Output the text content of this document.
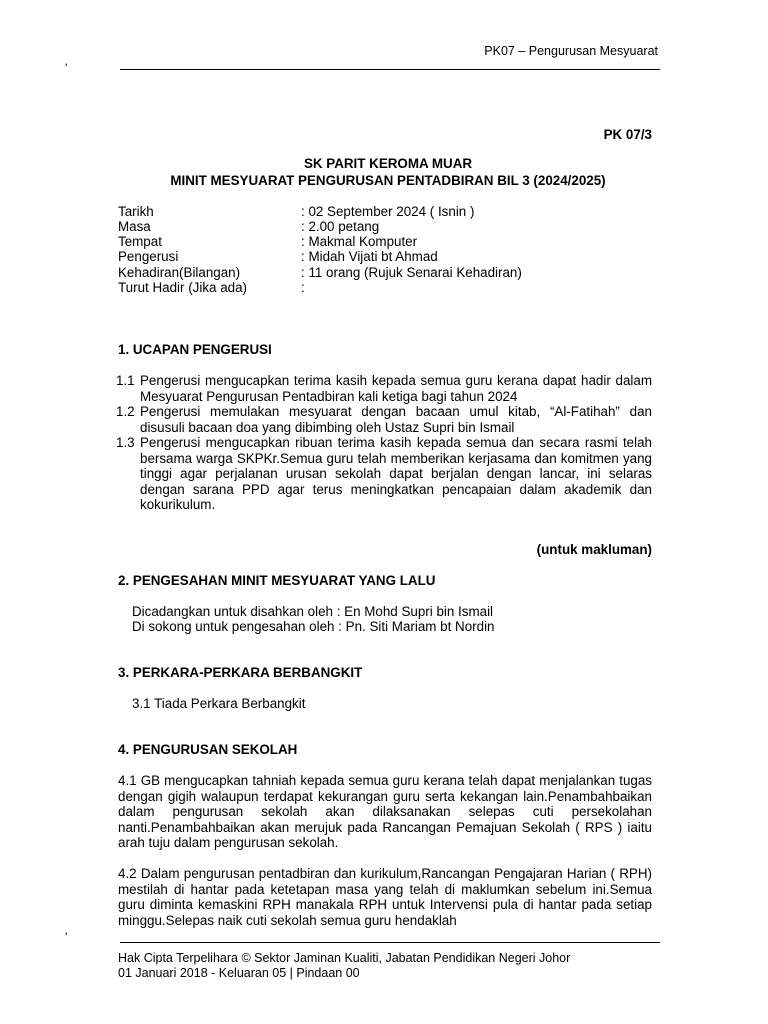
PK07 – Pengurusan Mesyuarat
'
PK 07/3
SK PARIT KEROMA MUAR
MINIT MESYUARAT PENGURUSAN PENTADBIRAN BIL 3 (2024/2025)
Tarikh	: 02 September 2024 ( Isnin )
Masa	: 2.00 petang
Tempat	: Makmal Komputer
Pengerusi	: Midah Vijati bt Ahmad
Kehadiran(Bilangan)	: 11 orang (Rujuk Senarai Kehadiran)
Turut Hadir (Jika ada)	:
1. UCAPAN PENGERUSI
1.1 Pengerusi mengucapkan terima kasih kepada semua guru kerana dapat hadir dalam Mesyuarat Pengurusan Pentadbiran kali ketiga bagi tahun 2024
1.2 Pengerusi memulakan mesyuarat dengan bacaan umul kitab, “Al-Fatihah” dan disusuli bacaan doa yang dibimbing oleh Ustaz Supri bin Ismail
1.3 Pengerusi mengucapkan ribuan terima kasih kepada semua dan secara rasmi telah bersama warga SKPKr.Semua guru telah memberikan kerjasama dan komitmen yang tinggi agar perjalanan urusan sekolah dapat berjalan dengan lancar, ini selaras dengan sarana PPD agar terus meningkatkan pencapaian dalam akademik dan kokurikulum.
(untuk makluman)
2. PENGESAHAN MINIT MESYUARAT YANG LALU
Dicadangkan untuk disahkan oleh : En Mohd Supri bin Ismail
Di sokong untuk pengesahan oleh : Pn. Siti Mariam bt Nordin
3. PERKARA-PERKARA BERBANGKIT
3.1 Tiada Perkara Berbangkit
4. PENGURUSAN SEKOLAH
4.1 GB mengucapkan tahniah kepada semua guru kerana telah dapat menjalankan tugas dengan gigih walaupun terdapat kekurangan guru serta kekangan lain.Penambahbaikan dalam pengurusan sekolah akan dilaksanakan selepas cuti persekolahan nanti.Penambahbaikan akan merujuk pada Rancangan Pemajuan Sekolah ( RPS ) iaitu arah tuju dalam pengurusan sekolah.
4.2 Dalam pengurusan pentadbiran dan kurikulum,Rancangan Pengajaran Harian ( RPH) mestilah di hantar pada ketetapan masa yang telah di maklumkan sebelum ini.Semua guru diminta kemaskini RPH manakala RPH untuk Intervensi pula di hantar pada setiap minggu.Selepas naik cuti sekolah semua guru hendaklah
'
Hak Cipta Terpelihara © Sektor Jaminan Kualiti, Jabatan Pendidikan Negeri Johor
01 Januari 2018 - Keluaran 05 | Pindaan 00
